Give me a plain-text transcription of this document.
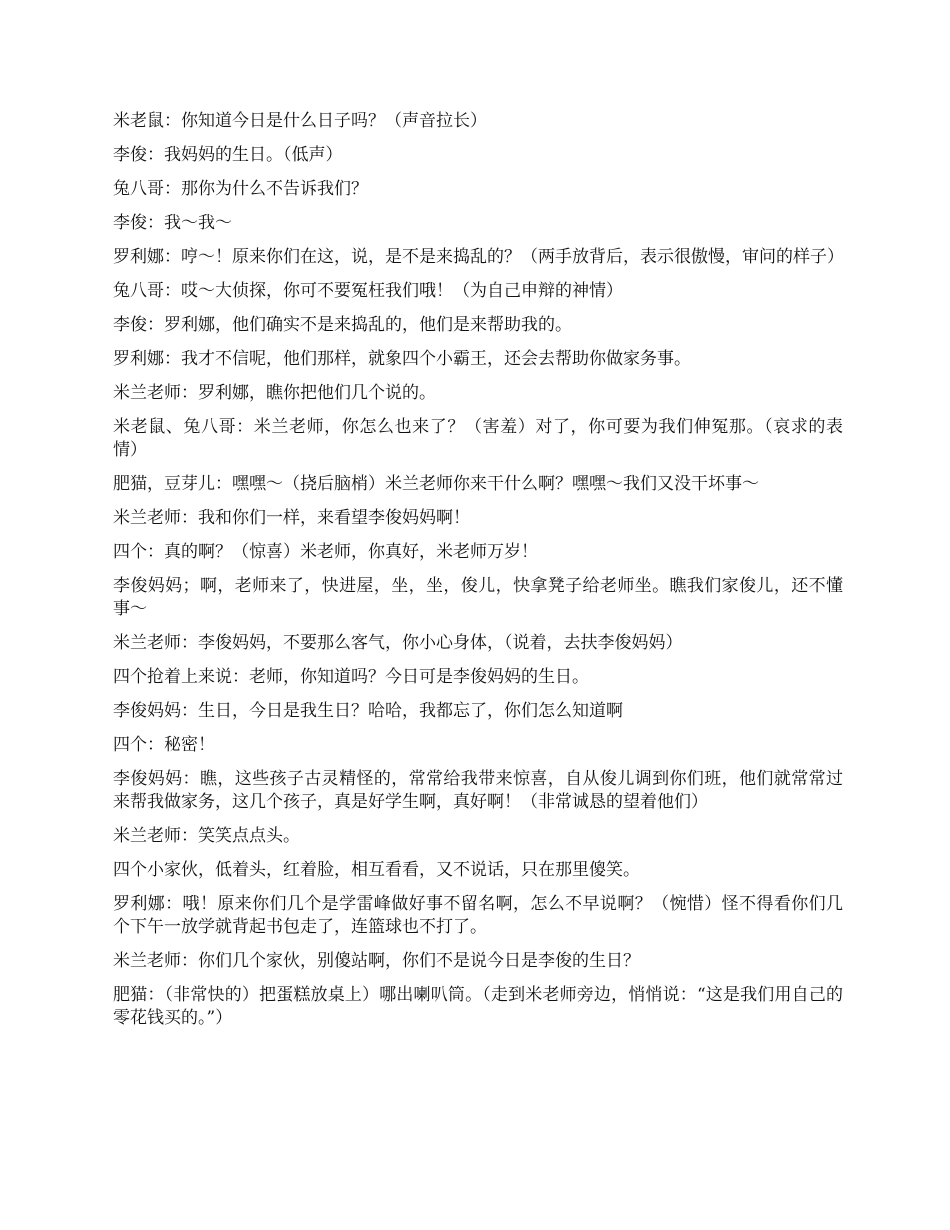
米老鼠：你知道今日是什么日子吗？（声音拉长）

李俊：我妈妈的生日。（低声）

兔八哥：那你为什么不告诉我们？

李俊：我～我～

罗利娜：哼～！原来你们在这，说，是不是来捣乱的？（两手放背后，表示很傲慢，审问的样子）

兔八哥：哎～大侦探，你可不要冤枉我们哦！（为自己申辩的神情）

李俊：罗利娜，他们确实不是来捣乱的，他们是来帮助我的。

罗利娜：我才不信呢，他们那样，就象四个小霸王，还会去帮助你做家务事。

米兰老师：罗利娜，瞧你把他们几个说的。

米老鼠、兔八哥：米兰老师，你怎么也来了？（害羞）对了，你可要为我们伸冤那。（哀求的表情）

肥猫，豆芽儿：嘿嘿～（挠后脑梢）米兰老师你来干什么啊？嘿嘿～我们又没干坏事～

米兰老师：我和你们一样，来看望李俊妈妈啊！

四个：真的啊？（惊喜）米老师，你真好，米老师万岁！

李俊妈妈；啊，老师来了，快进屋，坐，坐，俊儿，快拿凳子给老师坐。瞧我们家俊儿，还不懂事～

米兰老师：李俊妈妈，不要那么客气，你小心身体，（说着，去扶李俊妈妈）

四个抢着上来说：老师，你知道吗？今日可是李俊妈妈的生日。

李俊妈妈：生日，今日是我生日？哈哈，我都忘了，你们怎么知道啊

四个：秘密！

李俊妈妈：瞧，这些孩子古灵精怪的，常常给我带来惊喜，自从俊儿调到你们班，他们就常常过来帮我做家务，这几个孩子，真是好学生啊，真好啊！（非常诚恳的望着他们）

米兰老师：笑笑点点头。

四个小家伙，低着头，红着脸，相互看看，又不说话，只在那里傻笑。

罗利娜：哦！原来你们几个是学雷峰做好事不留名啊，怎么不早说啊？（惋惜）怪不得看你们几个下午一放学就背起书包走了，连篮球也不打了。

米兰老师：你们几个家伙，别傻站啊，你们不是说今日是李俊的生日？

肥猫：（非常快的）把蛋糕放桌上）哪出喇叭筒。（走到米老师旁边，悄悄说：“这是我们用自己的零花钱买的。”）
